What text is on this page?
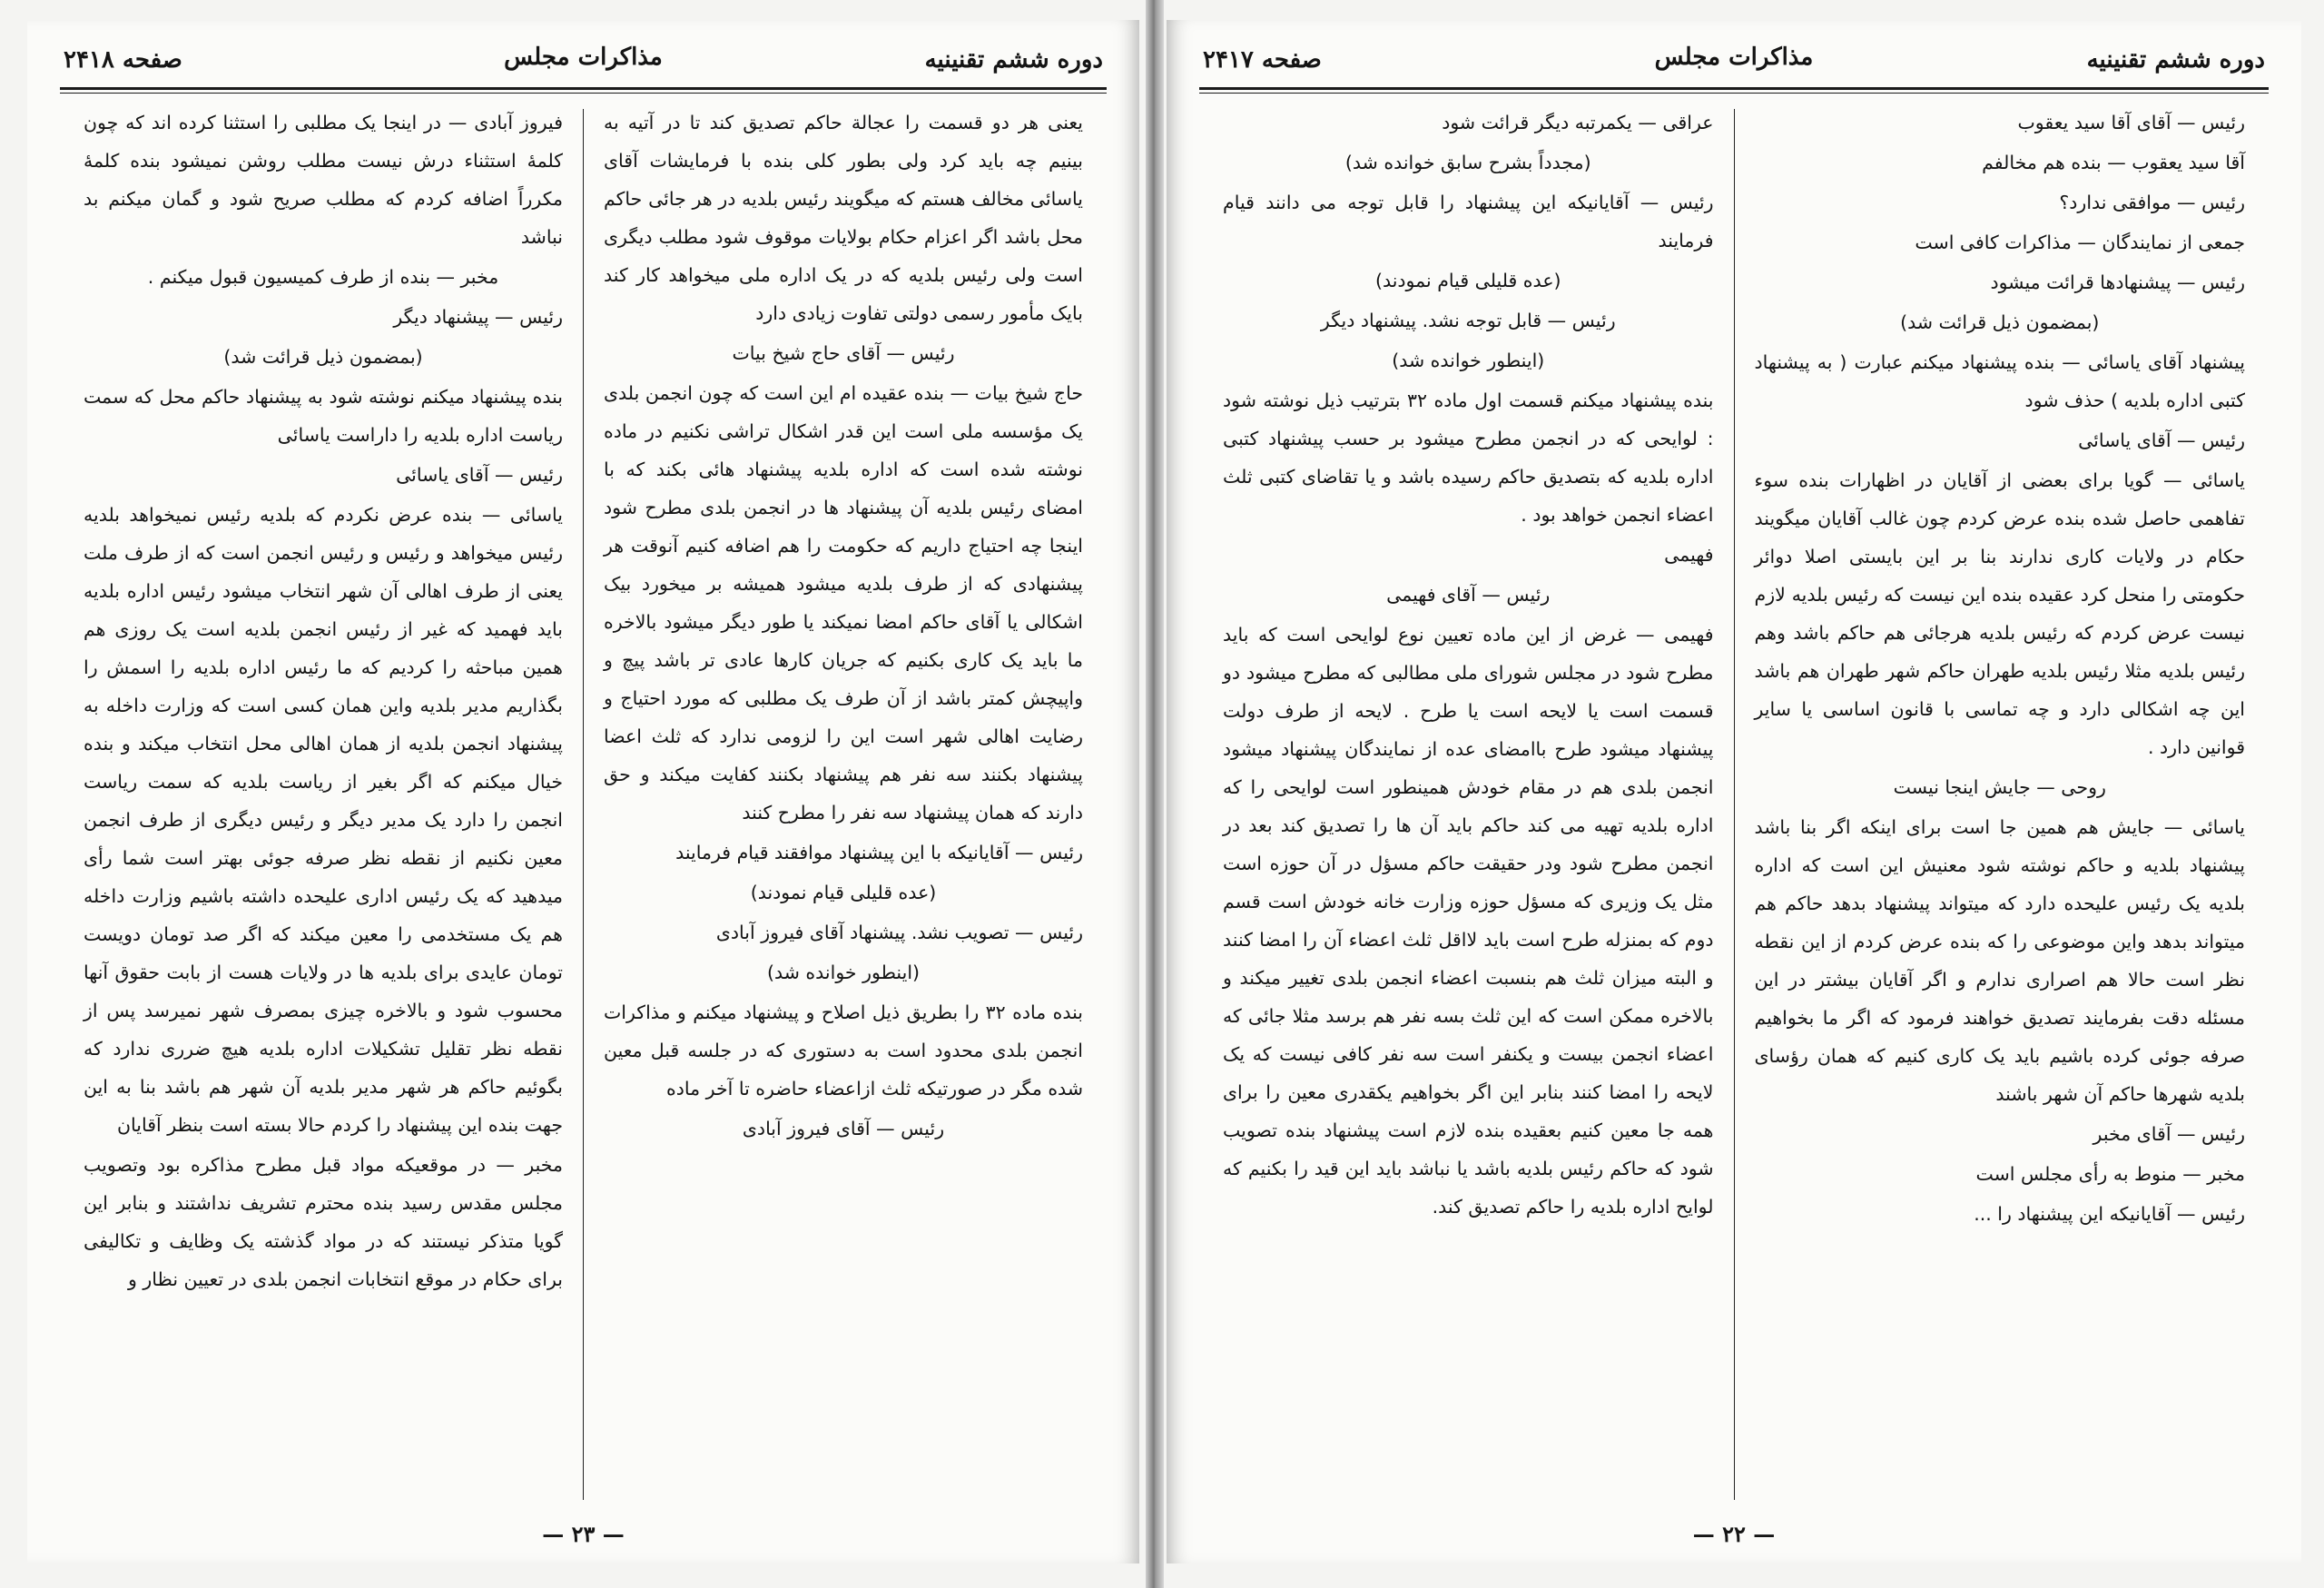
دوره ششم تقنینیه
مذاکرات مجلس
صفحه ۲۴۱۸

یعنی هر دو قسمت را عجالة حاکم تصدیق کند تا در آتیه به بینیم چه باید کرد ولی بطور کلی بنده با فرمایشات آقای یاسائی مخالف هستم که میگویند رئیس بلدیه در هر جائی حاکم محل باشد اگر اعزام حکام بولایات موقوف شود مطلب دیگری است ولی رئیس بلدیه که در یک اداره ملی میخواهد کار کند بایک مأمور رسمی دولتی تفاوت زیادی دارد

رئیس — آقای حاج شیخ بیات

حاج شیخ بیات — بنده عقیده ام این است که چون انجمن بلدی یک مؤسسه ملی است این قدر اشکال تراشی نکنیم در ماده نوشته شده است که اداره بلدیه پیشنهاد هائی بکند که با امضای رئیس بلدیه آن پیشنهاد ها در انجمن بلدی مطرح شود اینجا چه احتیاج داریم که حکومت را هم اضافه کنیم آنوقت هر پیشنهادی که از طرف بلدیه میشود همیشه بر میخورد بیک اشکالی یا آقای حاکم امضا نمیکند یا طور دیگر میشود بالاخره ما باید یک کاری بکنیم که جریان کارها عادی تر باشد پیچ و واپیچش کمتر باشد از آن طرف یک مطلبی که مورد احتیاج و رضایت اهالی شهر است این را لزومی ندارد که ثلث اعضا پیشنهاد بکنند سه نفر هم پیشنهاد بکنند کفایت میکند و حق دارند که همان پیشنهاد سه نفر را مطرح کنند

رئیس — آقایانیکه با این پیشنهاد موافقند قیام فرمایند

(عده قلیلی قیام نمودند)

رئیس — تصویب نشد. پیشنهاد آقای فیروز آبادی

(اینطور خوانده شد)

بنده ماده ۳۲ را بطریق ذیل اصلاح و پیشنهاد میکنم و مذاکرات انجمن بلدی محدود است به دستوری که در جلسه قبل معین شده مگر در صورتیکه ثلث ازاعضاء حاضره تا آخر ماده

رئیس — آقای فیروز آبادی

فیروز آبادی — در اینجا یک مطلبی را استثنا کرده اند که چون کلمهٔ استثناء درش نیست مطلب روشن نمیشود بنده کلمهٔ مکرراً اضافه کردم که مطلب صریح شود و گمان میکنم بد نباشد

مخبر — بنده از طرف کمیسیون قبول میکنم .

رئیس — پیشنهاد دیگر

(بمضمون ذیل قرائت شد)

بنده پیشنهاد میکنم نوشته شود به پیشنهاد حاکم محل که سمت ریاست اداره بلدیه را داراست یاسائی

رئیس — آقای یاسائی

یاسائی — بنده عرض نکردم که بلدیه رئیس نمیخواهد بلدیه رئیس میخواهد و رئیس و رئیس انجمن است که از طرف ملت یعنی از طرف اهالی آن شهر انتخاب میشود رئیس اداره بلدیه باید فهمید که غیر از رئیس انجمن بلدیه است یک روزی هم همین مباحثه را کردیم که ما رئیس اداره بلدیه را اسمش را بگذاریم مدیر بلدیه واین همان کسی است که وزارت داخله به پیشنهاد انجمن بلدیه از همان اهالی محل انتخاب میکند و بنده خیال میکنم که اگر بغیر از ریاست بلدیه که سمت ریاست انجمن را دارد یک مدیر دیگر و رئیس دیگری از طرف انجمن معین نکنیم از نقطه نظر صرفه جوئی بهتر است شما رأی میدهید که یک رئیس اداری علیحده داشته باشیم وزارت داخله هم یک مستخدمی را معین میکند که اگر صد تومان دویست تومان عایدی برای بلدیه ها در ولایات هست از بابت حقوق آنها محسوب شود و بالاخره چیزی بمصرف شهر نمیرسد پس از نقطه نظر تقلیل تشکیلات اداره بلدیه هیچ ضرری ندارد که بگوئیم حاکم هر شهر مدیر بلدیه آن شهر هم باشد بنا به این جهت بنده این پیشنهاد را کردم حالا بسته است بنظر آقایان

مخبر — در موقعیکه مواد قبل مطرح مذاکره بود وتصویب مجلس مقدس رسید بنده محترم تشریف نداشتند و بنابر این گویا متذکر نیستند که در مواد گذشته یک وظایف و تکالیفی برای حکام در موقع انتخابات انجمن بلدی در تعیین نظار و

— ۲۳ —
دوره ششم تقنینیه
مذاکرات مجلس
صفحه ۲۴۱۷

رئیس — آقای آقا سید یعقوب

آقا سید یعقوب — بنده هم مخالفم

رئیس — موافقی ندارد؟

جمعی از نمایندگان — مذاکرات کافی است

رئیس — پیشنهادها قرائت میشود

(بمضمون ذیل قرائت شد)

پیشنهاد آقای یاسائی — بنده پیشنهاد میکنم عبارت ( به پیشنهاد کتبی اداره بلدیه ) حذف شود

رئیس — آقای یاسائی

یاسائی — گویا برای بعضی از آقایان در اظهارات بنده سوء تفاهمی حاصل شده بنده عرض کردم چون غالب آقایان میگویند حکام در ولایات کاری ندارند بنا بر این بایستی اصلا دوائر حکومتی را منحل کرد عقیده بنده این نیست که رئیس بلدیه لازم نیست عرض کردم که رئیس بلدیه هرجائی هم حاکم باشد وهم رئیس بلدیه مثلا رئیس بلدیه طهران حاکم شهر طهران هم باشد این چه اشکالی دارد و چه تماسی با قانون اساسی یا سایر قوانین دارد .

روحی — جایش اینجا نیست

یاسائی — جایش هم همین جا است برای اینکه اگر بنا باشد پیشنهاد بلدیه و حاکم نوشته شود معنیش این است که اداره بلدیه یک رئیس علیحده دارد که میتواند پیشنهاد بدهد حاکم هم میتواند بدهد واین موضوعی را که بنده عرض کردم از این نقطه نظر است حالا هم اصراری ندارم و اگر آقایان بیشتر در این مسئله دقت بفرمایند تصدیق خواهند فرمود که اگر ما بخواهیم صرفه جوئی کرده باشیم باید یک کاری کنیم که همان رؤسای بلدیه شهرها حاکم آن شهر باشند

رئیس — آقای مخبر

مخبر — منوط به رأی مجلس است

رئیس — آقایانیکه این پیشنهاد را ...

عراقی — یکمرتبه دیگر قرائت شود

(مجدداً بشرح سابق خوانده شد)

رئیس — آقایانیکه این پیشنهاد را قابل توجه می دانند قیام فرمایند

(عده قلیلی قیام نمودند)

رئیس — قابل توجه نشد. پیشنهاد دیگر

(اینطور خوانده شد)

بنده پیشنهاد میکنم قسمت اول ماده ۳۲ بترتیب ذیل نوشته شود : لوایحی که در انجمن مطرح میشود بر حسب پیشنهاد کتبی اداره بلدیه که بتصدیق حاکم رسیده باشد و یا تقاضای کتبی ثلث اعضاء انجمن خواهد بود .

فهیمی

رئیس — آقای فهیمی

فهیمی — غرض از این ماده تعیین نوع لوایحی است که باید مطرح شود در مجلس شورای ملی مطالبی که مطرح میشود دو قسمت است یا لایحه است یا طرح . لایحه از طرف دولت پیشنهاد میشود طرح باامضای عده از نمایندگان پیشنهاد میشود انجمن بلدی هم در مقام خودش همینطور است لوایحی را که اداره بلدیه تهیه می کند حاکم باید آن ها را تصدیق کند بعد در انجمن مطرح شود ودر حقیقت حاکم مسؤل در آن حوزه است مثل یک وزیری که مسؤل حوزه وزارت خانه خودش است قسم دوم که بمنزله طرح است باید لااقل ثلث اعضاء آن را امضا کنند و البته میزان ثلث هم بنسبت اعضاء انجمن بلدی تغییر میکند و بالاخره ممکن است که این ثلث بسه نفر هم برسد مثلا جائی که اعضاء انجمن بیست و یکنفر است سه نفر کافی نیست که یک لایحه را امضا کنند بنابر این اگر بخواهیم یکقدری معین را برای همه جا معین کنیم بعقیده بنده لازم است پیشنهاد بنده تصویب شود که حاکم رئیس بلدیه باشد یا نباشد باید این قید را بکنیم که لوایح اداره بلدیه را حاکم تصدیق کند.

— ۲۲ —
